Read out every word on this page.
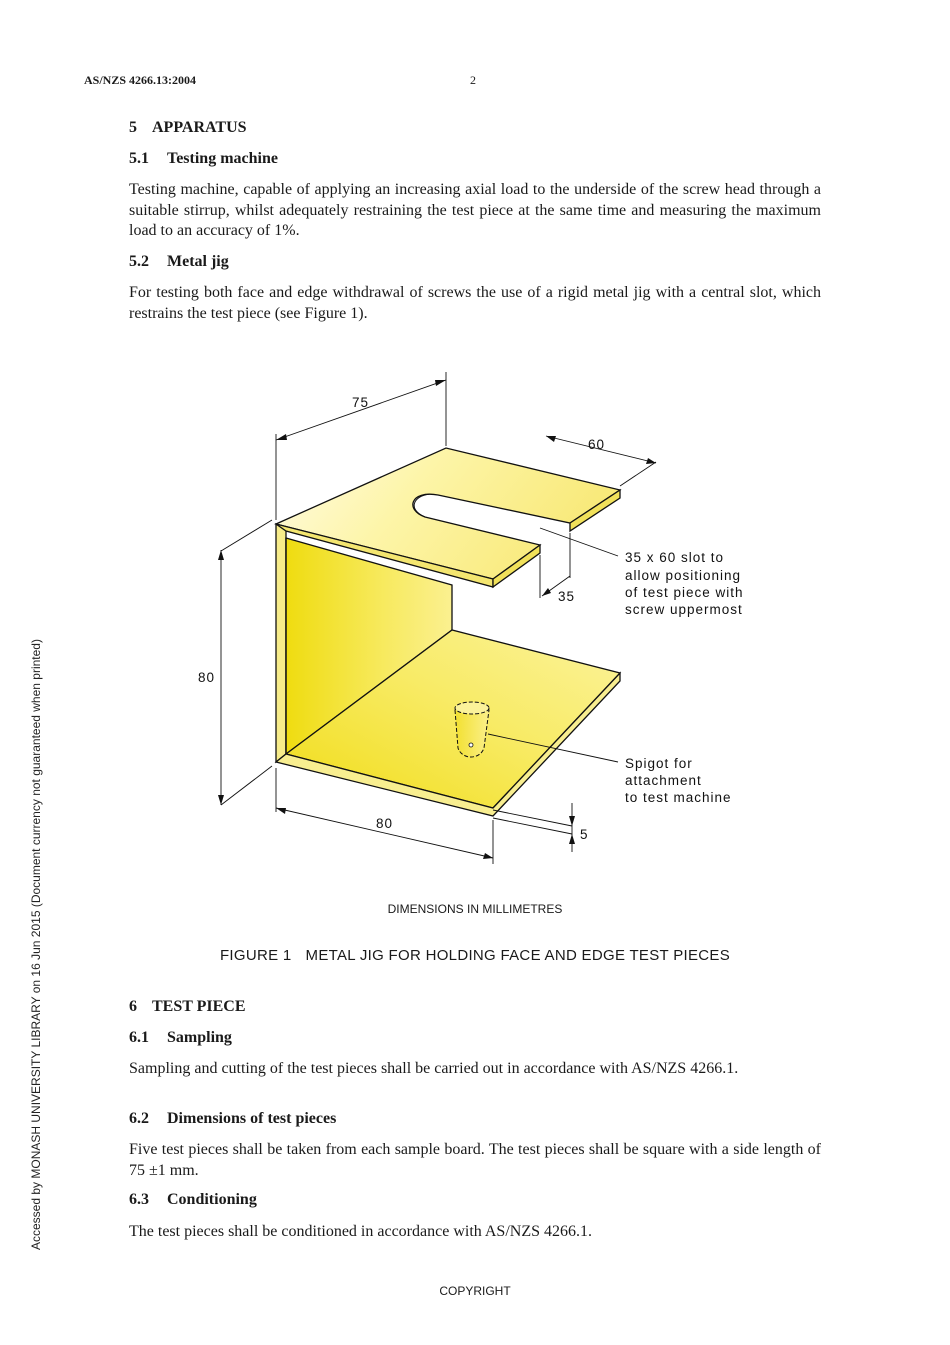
AS/NZS 4266.13:2004	2
Accessed by MONASH UNIVERSITY LIBRARY on 16 Jun 2015 (Document currency not guaranteed when printed)
5 APPARATUS
5.1 Testing machine
Testing machine, capable of applying an increasing axial load to the underside of the screw head through a suitable stirrup, whilst adequately restraining the test piece at the same time and measuring the maximum load to an accuracy of 1%.
5.2 Metal jig
For testing both face and edge withdrawal of screws the use of a rigid metal jig with a central slot, which restrains the test piece (see Figure 1).
75
60
35
80
80
5
35 x 60 slot to
allow positioning
of test piece with
screw uppermost
Spigot for
attachment
to test machine
DIMENSIONS IN MILLIMETRES
FIGURE 1 METAL JIG FOR HOLDING FACE AND EDGE TEST PIECES
6 TEST PIECE
6.1 Sampling
Sampling and cutting of the test pieces shall be carried out in accordance with AS/NZS 4266.1.
6.2 Dimensions of test pieces
Five test pieces shall be taken from each sample board. The test pieces shall be square with a side length of 75 ±1 mm.
6.3 Conditioning
The test pieces shall be conditioned in accordance with AS/NZS 4266.1.
COPYRIGHT
